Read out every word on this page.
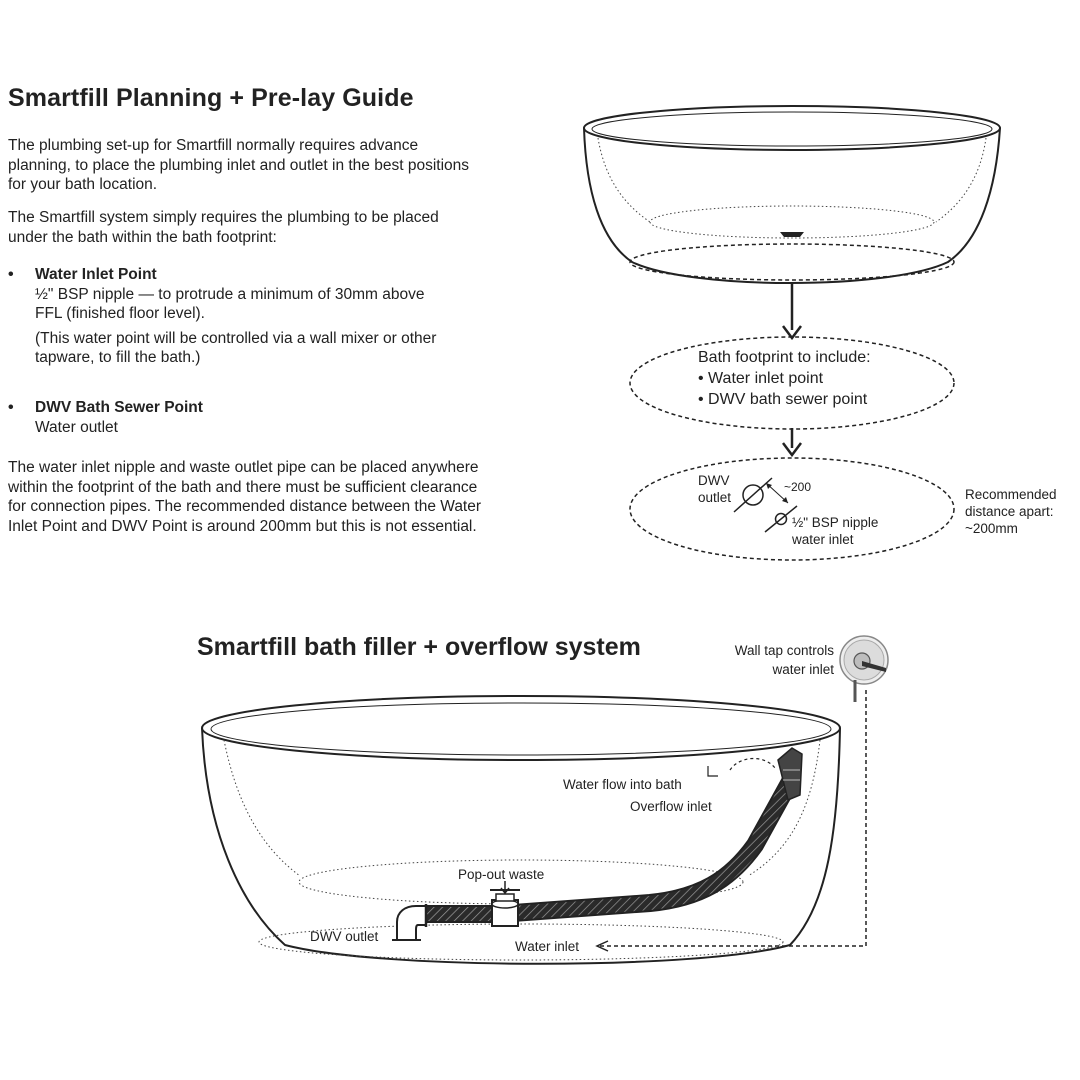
Smartfill Planning + Pre-lay Guide
The plumbing set-up for Smartfill normally requires advance planning, to place the plumbing inlet and outlet in the best positions for your bath location.
The Smartfill system simply requires the plumbing to be placed under the bath within the bath footprint:
• Water Inlet Point
½" BSP nipple — to protrude a minimum of 30mm above FFL (finished floor level).
(This water point will be controlled via a wall mixer or other tapware, to fill the bath.)
• DWV Bath Sewer Point
Water outlet
The water inlet nipple and waste outlet pipe can be placed anywhere within the footprint of the bath and there must be sufficient clearance for connection pipes. The recommended distance between the Water Inlet Point and DWV Point is around 200mm but this is not essential.
Bath footprint to include:
• Water inlet point
• DWV bath sewer point
DWV
outlet
~200
½" BSP nipple
water inlet
Recommended
distance apart:
~200mm
Smartfill bath filler + overflow system	Wall tap controls
water inlet
Water flow into bath
Overflow inlet
Pop-out waste
DWV outlet
Water inlet
